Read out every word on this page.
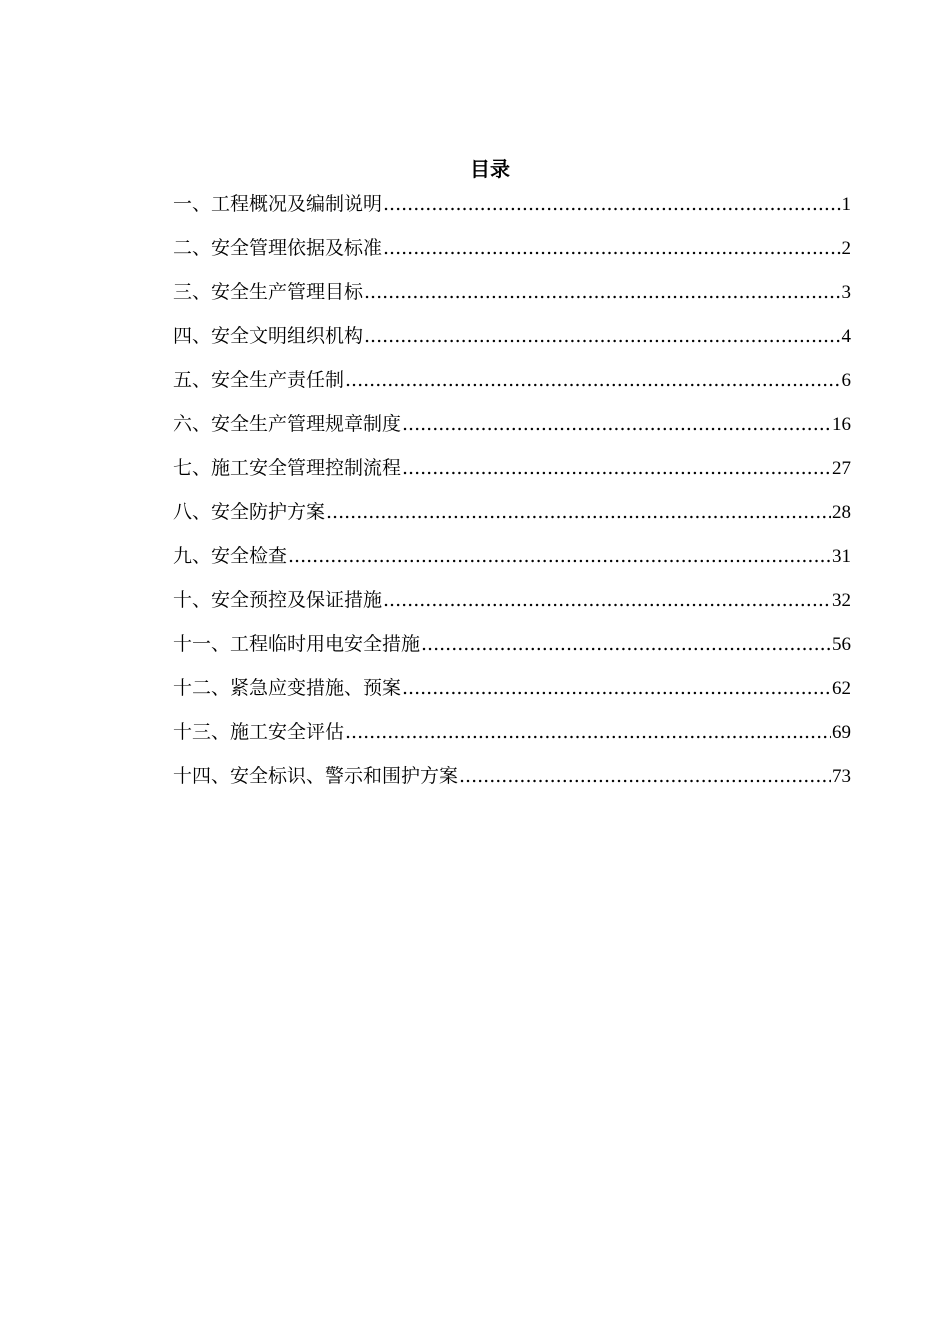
目录
一、工程概况及编制说明 .....	1
二、安全管理依据及标准 .....	2
三、安全生产管理目标 .....	3
四、安全文明组织机构 .....	4
五、安全生产责任制 .....	6
六、安全生产管理规章制度 .....	16
七、施工安全管理控制流程 .....	27
八、安全防护方案 .....	28
九、安全检查 .....	31
十、安全预控及保证措施 .....	32
十一、工程临时用电安全措施 .....	56
十二、紧急应变措施、预案 .....	62
十三、施工安全评估 .....	69
十四、安全标识、警示和围护方案 .....	73
